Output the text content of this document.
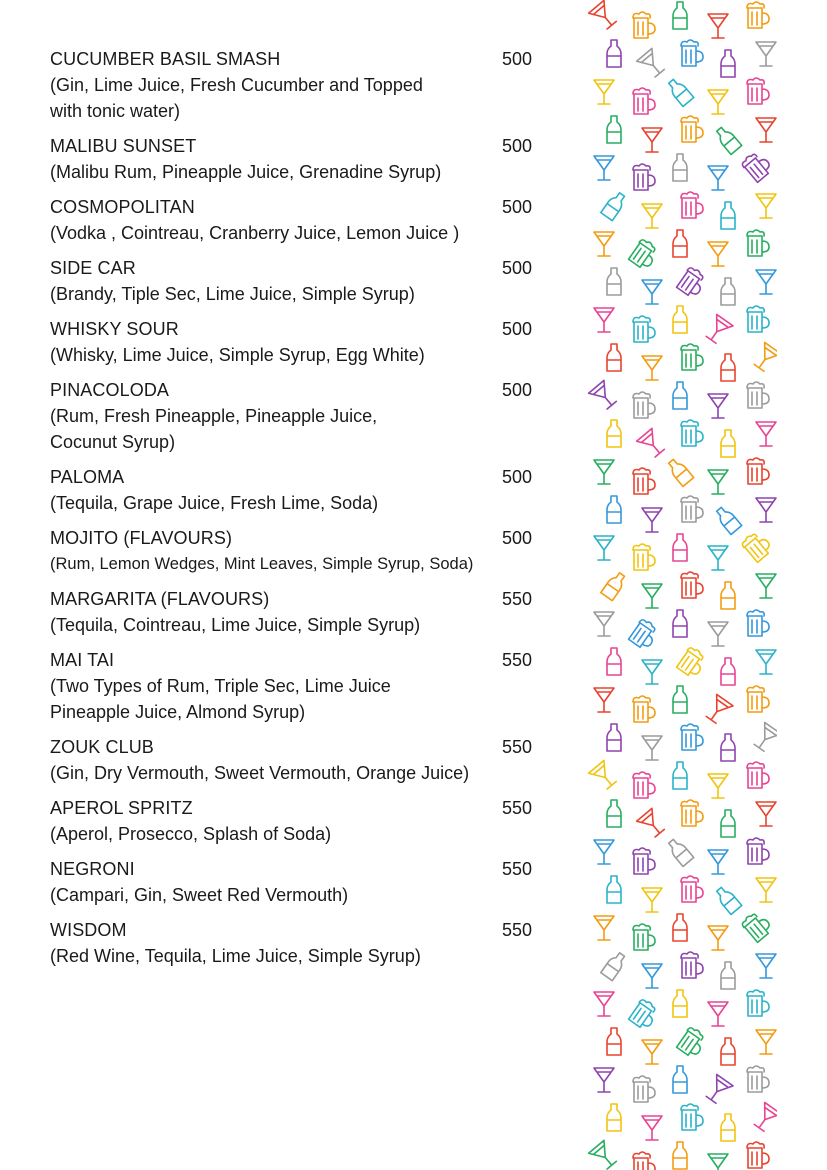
CUCUMBER BASIL SMASH	500
(Gin, Lime Juice, Fresh Cucumber and Topped
with tonic water)
MALIBU SUNSET	500
(Malibu Rum, Pineapple Juice, Grenadine Syrup)
COSMOPOLITAN	500
(Vodka , Cointreau, Cranberry Juice, Lemon Juice )
SIDE CAR	500
(Brandy, Tiple Sec, Lime Juice, Simple Syrup)
WHISKY SOUR	500
(Whisky, Lime Juice, Simple Syrup, Egg White)
PINACOLODA	500
(Rum, Fresh Pineapple, Pineapple Juice,
Cocunut Syrup)
PALOMA	500
(Tequila, Grape Juice, Fresh Lime, Soda)
MOJITO (FLAVOURS)	500
(Rum, Lemon Wedges, Mint Leaves, Simple Syrup, Soda)
MARGARITA (FLAVOURS)	550
(Tequila, Cointreau, Lime Juice, Simple Syrup)
MAI TAI	550
(Two Types of Rum, Triple Sec, Lime Juice
Pineapple Juice, Almond Syrup)
ZOUK CLUB	550
(Gin, Dry Vermouth, Sweet Vermouth, Orange Juice)
APEROL SPRITZ	550
(Aperol, Prosecco, Splash of Soda)
NEGRONI	550
(Campari, Gin, Sweet Red Vermouth)
WISDOM	550
(Red Wine, Tequila, Lime Juice, Simple Syrup)
